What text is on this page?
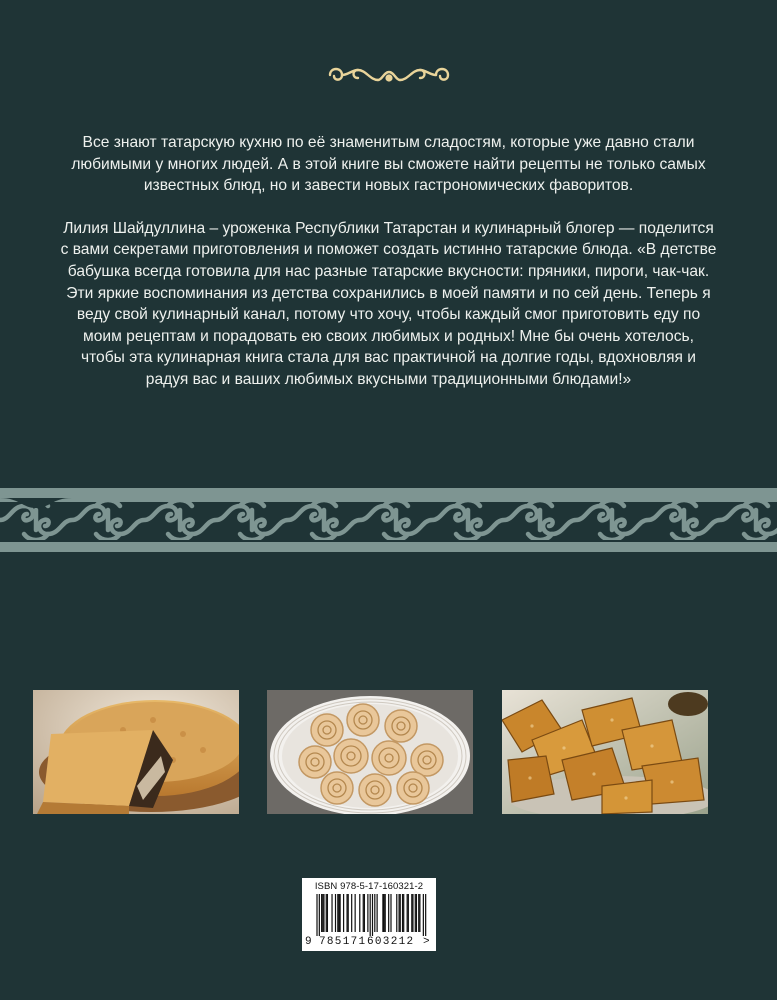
Все знают татарскую кухню по её знаменитым сладостям, которые уже давно стали любимыми у многих людей. А в этой книге вы сможете найти рецепты не только самых известных блюд, но и завести новых гастрономических фаворитов.

Лилия Шайдуллина – уроженка Республики Татарстан и кулинарный блогер — поделится с вами секретами приготовления и поможет создать истинно татарские блюда. «В детстве бабушка всегда готовила для нас разные татарские вкусности: пряники, пироги, чак-чак. Эти яркие воспоминания из детства сохранились в моей памяти и по сей день. Теперь я веду свой кулинарный канал, потому что хочу, чтобы каждый смог приготовить еду по моим рецептам и порадовать ею своих любимых и родных! Мне бы очень хотелось, чтобы эта кулинарная книга стала для вас практичной на долгие годы, вдохновляя и радуя вас и ваших любимых вкусными традиционными блюдами!»

ISBN 978-5-17-160321-2
9 785171 603212 >
